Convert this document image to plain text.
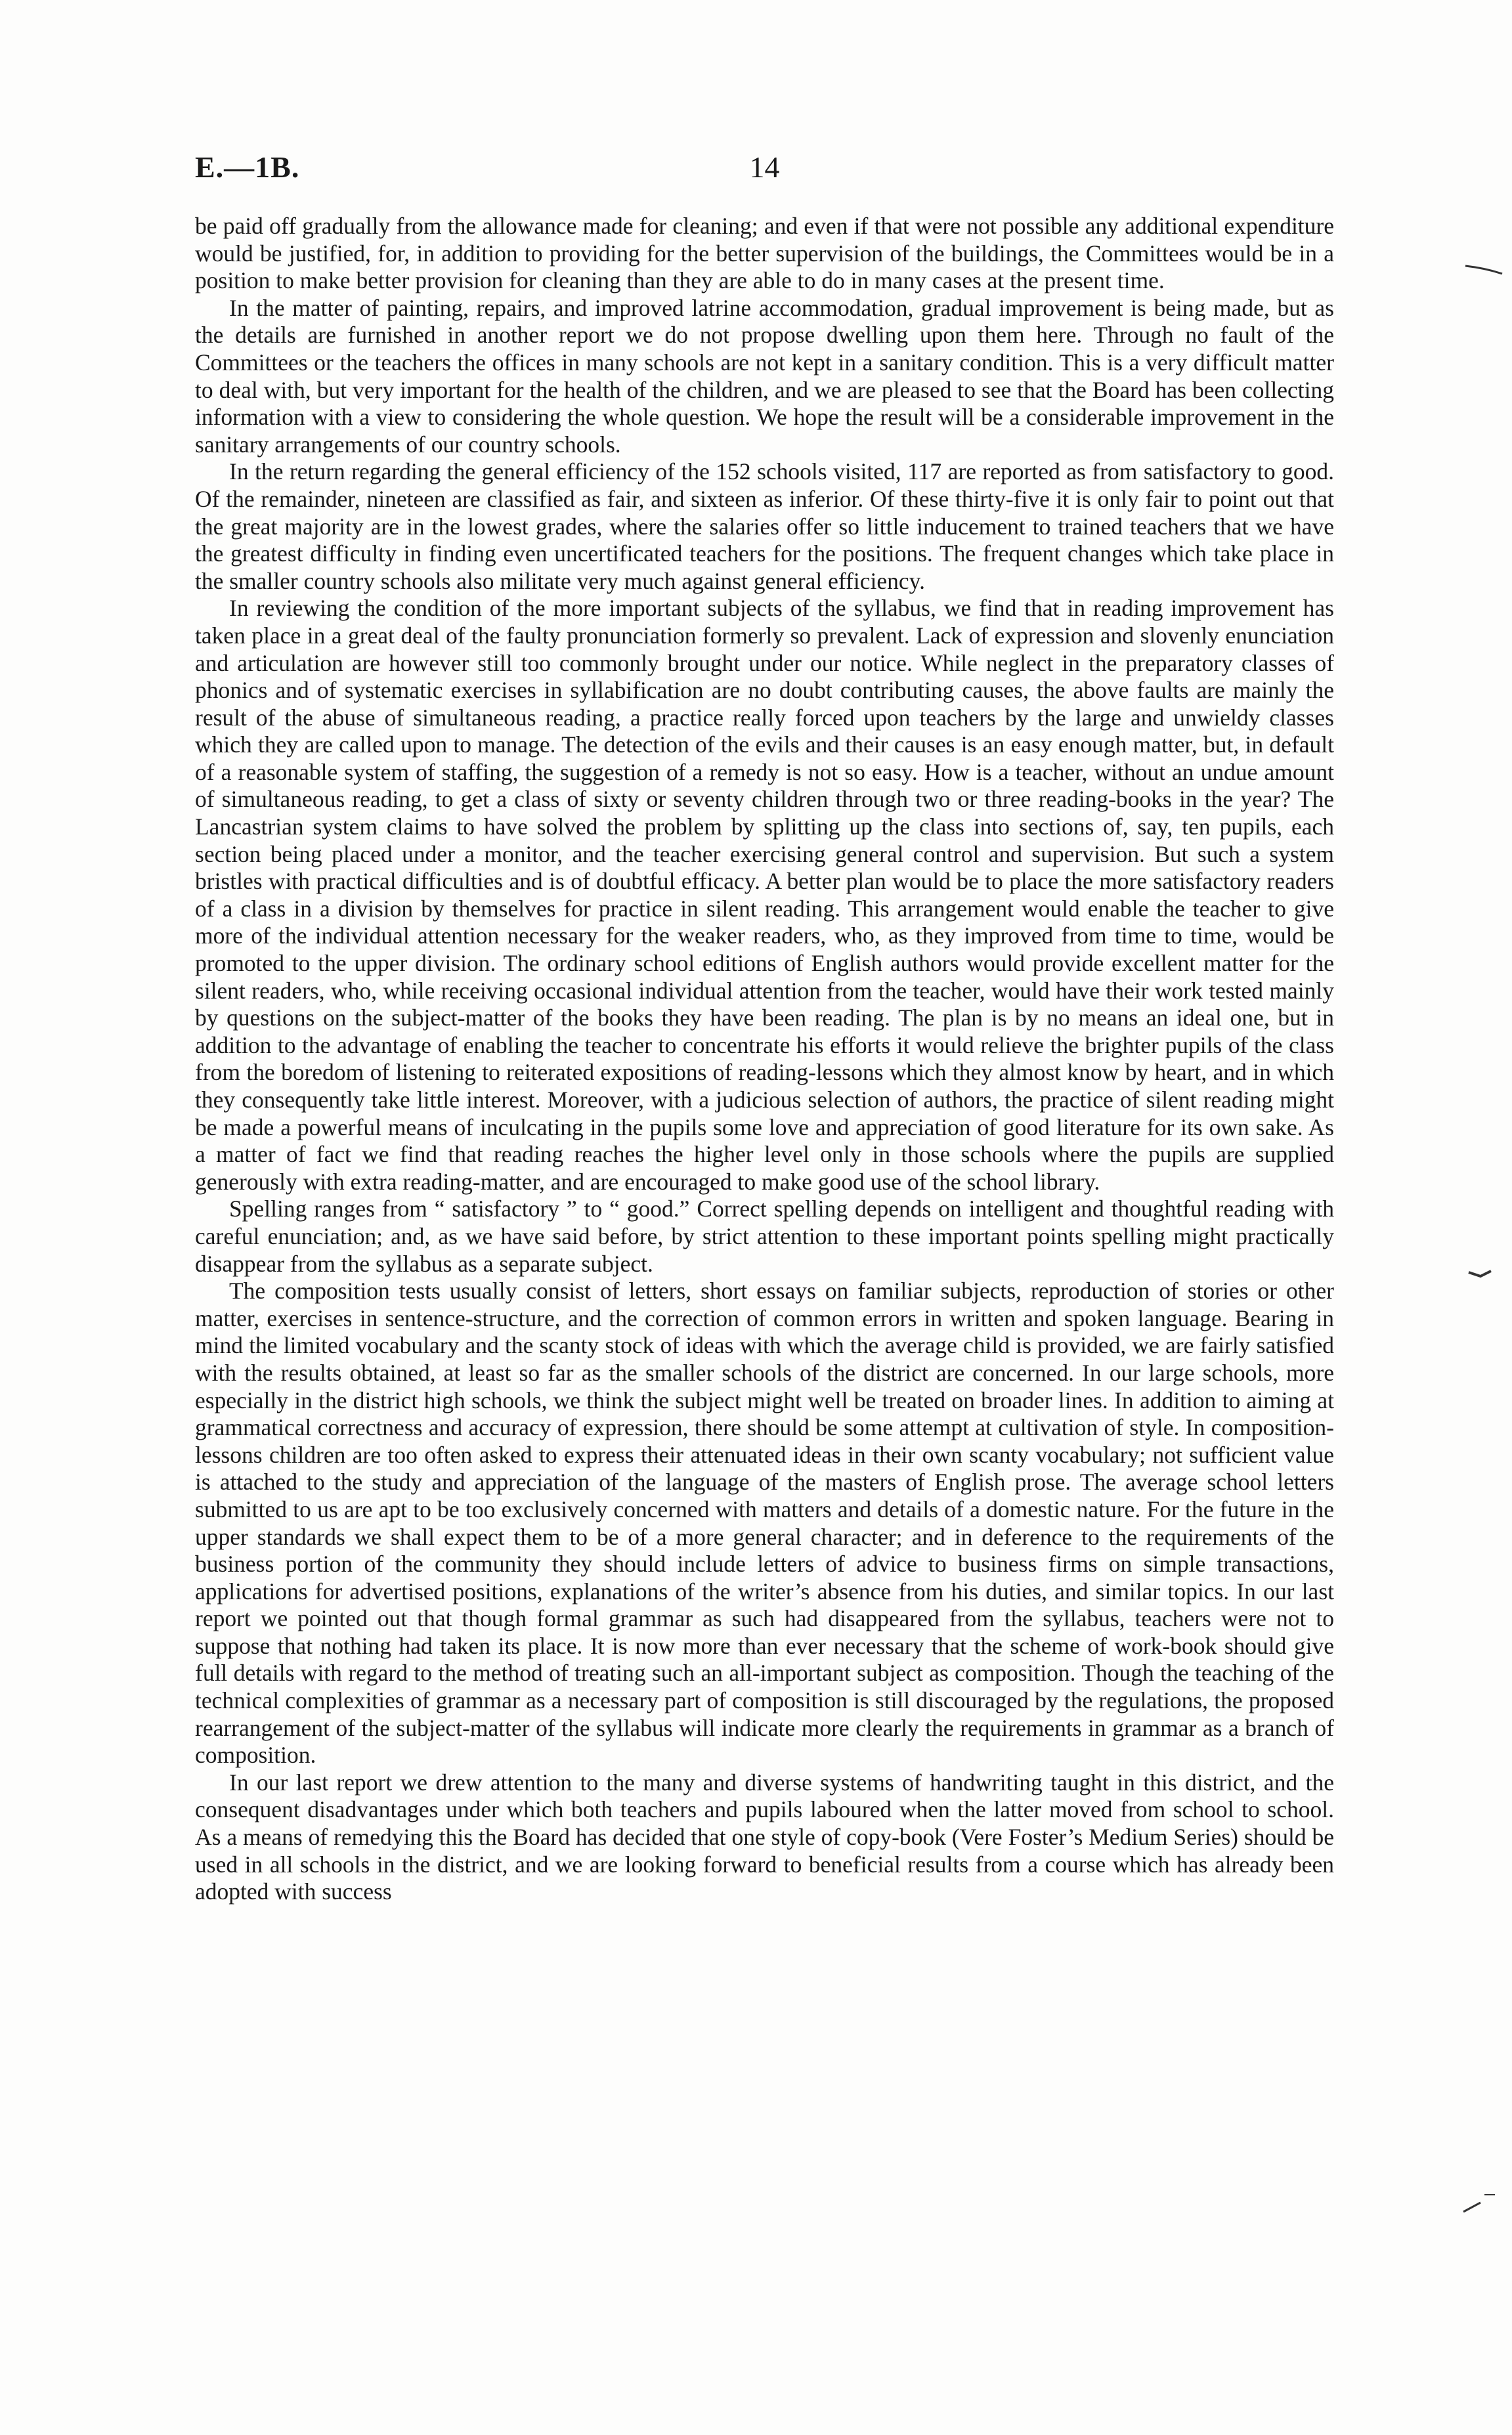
E.—1B.	14

be paid off gradually from the allowance made for cleaning; and even if that were not possible any additional expenditure would be justified, for, in addition to providing for the better supervision of the buildings, the Committees would be in a position to make better provision for cleaning than they are able to do in many cases at the present time.

In the matter of painting, repairs, and improved latrine accommodation, gradual improvement is being made, but as the details are furnished in another report we do not propose dwelling upon them here. Through no fault of the Committees or the teachers the offices in many schools are not kept in a sanitary condition. This is a very difficult matter to deal with, but very important for the health of the children, and we are pleased to see that the Board has been collecting information with a view to considering the whole question. We hope the result will be a considerable improvement in the sanitary arrangements of our country schools.

In the return regarding the general efficiency of the 152 schools visited, 117 are reported as from satisfactory to good. Of the remainder, nineteen are classified as fair, and sixteen as inferior. Of these thirty-five it is only fair to point out that the great majority are in the lowest grades, where the salaries offer so little inducement to trained teachers that we have the greatest difficulty in finding even uncertificated teachers for the positions. The frequent changes which take place in the smaller country schools also militate very much against general efficiency.

In reviewing the condition of the more important subjects of the syllabus, we find that in reading improvement has taken place in a great deal of the faulty pronunciation formerly so prevalent. Lack of expression and slovenly enunciation and articulation are however still too commonly brought under our notice. While neglect in the preparatory classes of phonics and of systematic exercises in syllabification are no doubt contributing causes, the above faults are mainly the result of the abuse of simultaneous reading, a practice really forced upon teachers by the large and unwieldy classes which they are called upon to manage. The detection of the evils and their causes is an easy enough matter, but, in default of a reasonable system of staffing, the suggestion of a remedy is not so easy. How is a teacher, without an undue amount of simultaneous reading, to get a class of sixty or seventy children through two or three reading-books in the year? The Lancastrian system claims to have solved the problem by splitting up the class into sections of, say, ten pupils, each section being placed under a monitor, and the teacher exercising general control and supervision. But such a system bristles with practical difficulties and is of doubtful efficacy. A better plan would be to place the more satisfactory readers of a class in a division by themselves for practice in silent reading. This arrangement would enable the teacher to give more of the individual attention necessary for the weaker readers, who, as they improved from time to time, would be promoted to the upper division. The ordinary school editions of English authors would provide excellent matter for the silent readers, who, while receiving occasional individual attention from the teacher, would have their work tested mainly by questions on the subject-matter of the books they have been reading. The plan is by no means an ideal one, but in addition to the advantage of enabling the teacher to concentrate his efforts it would relieve the brighter pupils of the class from the boredom of listening to reiterated expositions of reading-lessons which they almost know by heart, and in which they consequently take little interest. Moreover, with a judicious selection of authors, the practice of silent reading might be made a powerful means of inculcating in the pupils some love and appreciation of good literature for its own sake. As a matter of fact we find that reading reaches the higher level only in those schools where the pupils are supplied generously with extra reading-matter, and are encouraged to make good use of the school library.

Spelling ranges from “ satisfactory ” to “ good.” Correct spelling depends on intelligent and thoughtful reading with careful enunciation; and, as we have said before, by strict attention to these important points spelling might practically disappear from the syllabus as a separate subject.

The composition tests usually consist of letters, short essays on familiar subjects, reproduction of stories or other matter, exercises in sentence-structure, and the correction of common errors in written and spoken language. Bearing in mind the limited vocabulary and the scanty stock of ideas with which the average child is provided, we are fairly satisfied with the results obtained, at least so far as the smaller schools of the district are concerned. In our large schools, more especially in the district high schools, we think the subject might well be treated on broader lines. In addition to aiming at grammatical correctness and accuracy of expression, there should be some attempt at cultivation of style. In composition-lessons children are too often asked to express their attenuated ideas in their own scanty vocabulary; not sufficient value is attached to the study and appreciation of the language of the masters of English prose. The average school letters submitted to us are apt to be too exclusively concerned with matters and details of a domestic nature. For the future in the upper standards we shall expect them to be of a more general character; and in deference to the requirements of the business portion of the community they should include letters of advice to business firms on simple transactions, applications for advertised positions, explanations of the writer’s absence from his duties, and similar topics. In our last report we pointed out that though formal grammar as such had disappeared from the syllabus, teachers were not to suppose that nothing had taken its place. It is now more than ever necessary that the scheme of work-book should give full details with regard to the method of treating such an all-important subject as composition. Though the teaching of the technical complexities of grammar as a necessary part of composition is still discouraged by the regulations, the proposed rearrangement of the subject-matter of the syllabus will indicate more clearly the requirements in grammar as a branch of composition.

In our last report we drew attention to the many and diverse systems of handwriting taught in this district, and the consequent disadvantages under which both teachers and pupils laboured when the latter moved from school to school. As a means of remedying this the Board has decided that one style of copy-book (Vere Foster’s Medium Series) should be used in all schools in the district, and we are looking forward to beneficial results from a course which has already been adopted with success
